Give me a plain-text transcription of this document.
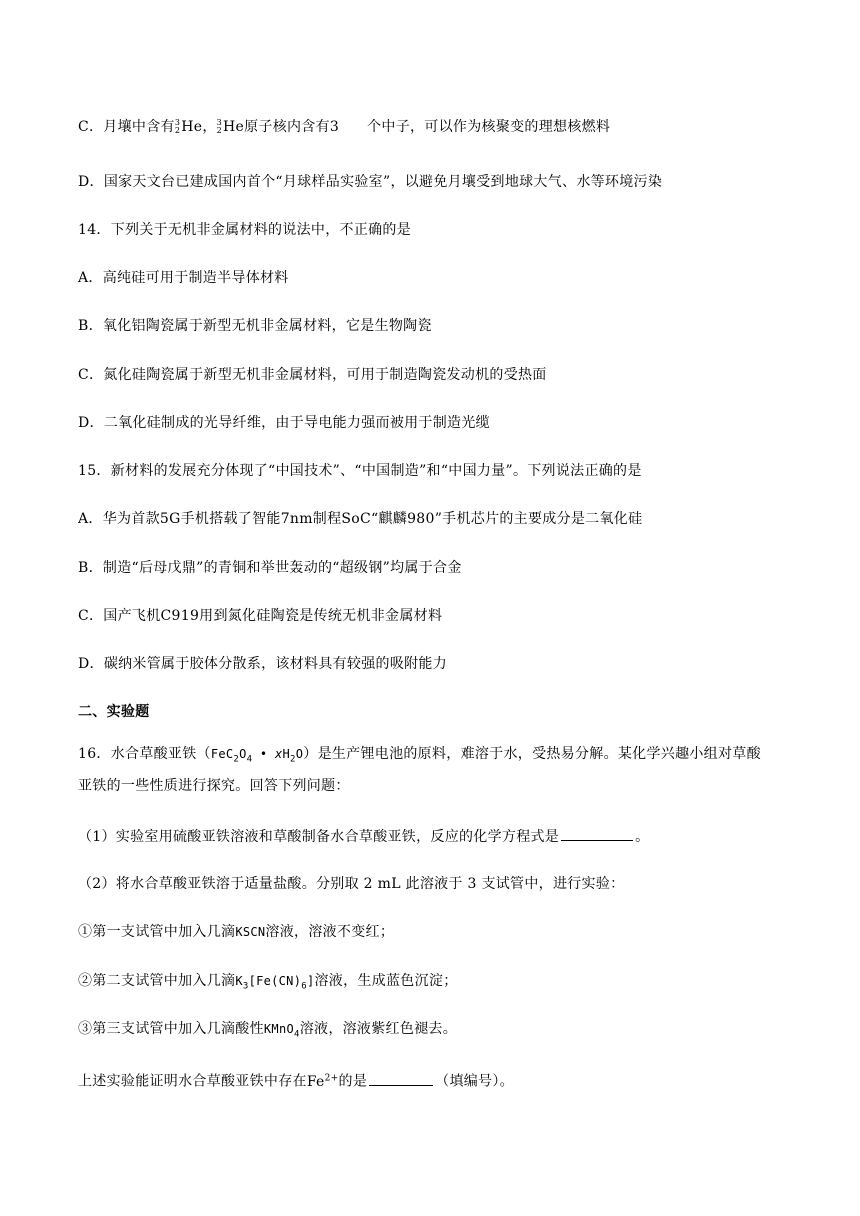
C．月壤中含有 3
2 He， 3
2 He原子核内含有3 个中子，可以作为核聚变的理想核燃料
D．国家天文台已建成国内首个“月球样品实验室”，以避免月壤受到地球大气、水等环境污染
14．下列关于无机非金属材料的说法中，不正确的是
A．高纯硅可用于制造半导体材料
B．氧化铝陶瓷属于新型无机非金属材料，它是生物陶瓷
C．氮化硅陶瓷属于新型无机非金属材料，可用于制造陶瓷发动机的受热面
D．二氧化硅制成的光导纤维，由于导电能力强而被用于制造光缆
15．新材料的发展充分体现了“中国技术”、“中国制造”和“中国力量”。下列说法正确的是
A．华为首款5G手机搭载了智能7nm制程SoC“麒麟980”手机芯片的主要成分是二氧化硅
B．制造“后母戊鼎”的青铜和举世轰动的“超级钢”均属于合金
C．国产飞机C919用到氮化硅陶瓷是传统无机非金属材料
D．碳纳米管属于胶体分散系，该材料具有较强的吸附能力
二、实验题
16．水合草酸亚铁（$FeC_2O_4$ • $xH_2O$）是生产锂电池的原料，难溶于水，受热易分解。某化学兴趣小组对草酸
亚铁的一些性质进行探究。回答下列问题：
（1）实验室用硫酸亚铁溶液和草酸制备水合草酸亚铁，反应的化学方程式是	。
（2）将水合草酸亚铁溶于适量盐酸。分别取 2 mL 此溶液于 3 支试管中，进行实验：
①第一支试管中加入几滴KSCN溶液，溶液不变红；
②第二支试管中加入几滴$K_3[Fe(CN)_6]$溶液，生成蓝色沉淀；
③第三支试管中加入几滴酸性KMnO$_4$溶液，溶液紫红色褪去。
上述实验能证明水合草酸亚铁中存在$Fe^{2+}$的是	（填编号）。
